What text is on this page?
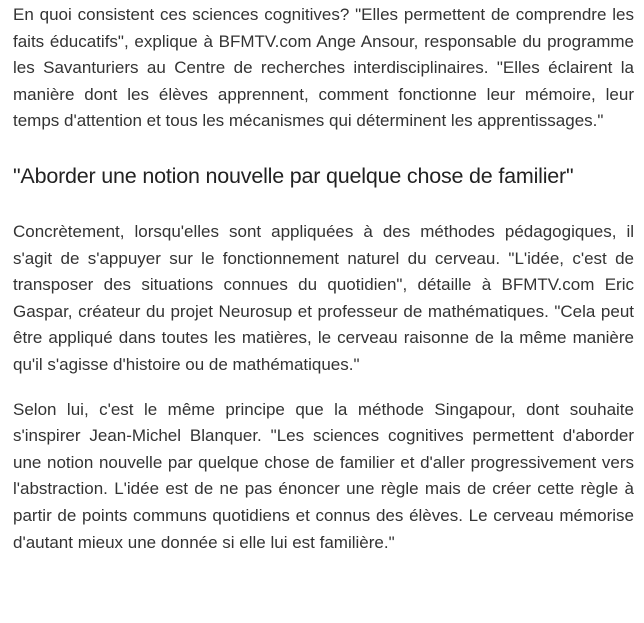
En quoi consistent ces sciences cognitives? "Elles permettent de comprendre les faits éducatifs", explique à BFMTV.com Ange Ansour, responsable du programme les Savanturiers au Centre de recherches interdisciplinaires. "Elles éclairent la manière dont les élèves apprennent, comment fonctionne leur mémoire, leur temps d'attention et tous les mécanismes qui déterminent les apprentissages."

"Aborder une notion nouvelle par quelque chose de familier"

Concrètement, lorsqu'elles sont appliquées à des méthodes pédagogiques, il s'agit de s'appuyer sur le fonctionnement naturel du cerveau. "L'idée, c'est de transposer des situations connues du quotidien", détaille à BFMTV.com Eric Gaspar, créateur du projet Neurosup et professeur de mathématiques. "Cela peut être appliqué dans toutes les matières, le cerveau raisonne de la même manière qu'il s'agisse d'histoire ou de mathématiques."

Selon lui, c'est le même principe que la méthode Singapour, dont souhaite s'inspirer Jean-Michel Blanquer. "Les sciences cognitives permettent d'aborder une notion nouvelle par quelque chose de familier et d'aller progressivement vers l'abstraction. L'idée est de ne pas énoncer une règle mais de créer cette règle à partir de points communs quotidiens et connus des élèves. Le cerveau mémorise d'autant mieux une donnée si elle lui est familière."
